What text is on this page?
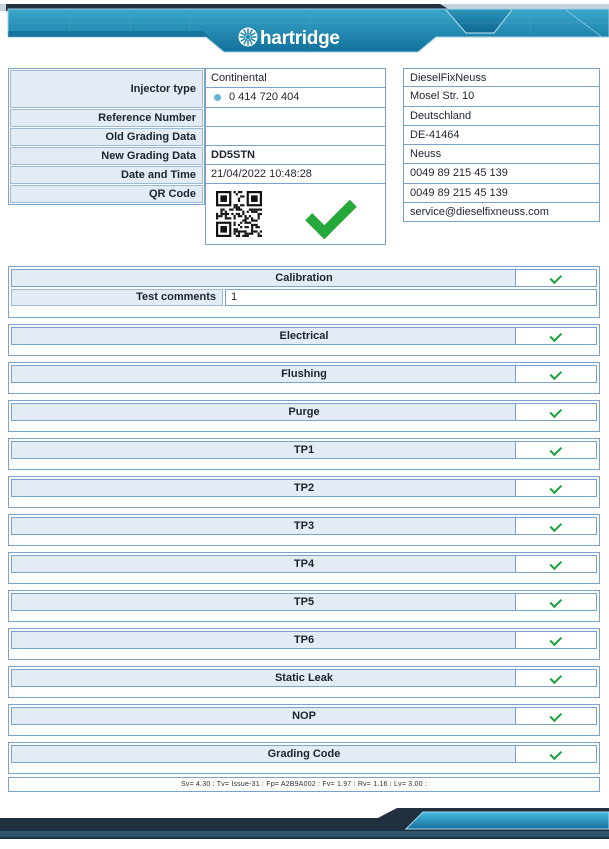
hartridge
Injector type
Reference Number
Old Grading Data
New Grading Data
Date and Time
QR Code
Continental
0 414 720 404
DD5STN
21/04/2022 10:48:28
DieselFixNeuss
Mosel Str. 10
Deutschland
DE-41464
Neuss
0049 89 215 45 139
0049 89 215 45 139
service@dieselfixneuss.com
Calibration
Test comments	1
Electrical
Flushing
Purge
TP1
TP2
TP3
TP4
TP5
TP6
Static Leak
NOP
Grading Code
Sv= 4.30 : Tv= Issue-31 : Fp= A2B9A002 : Fv= 1.97 : Rv= 1.16 : Lv= 3.00 :
